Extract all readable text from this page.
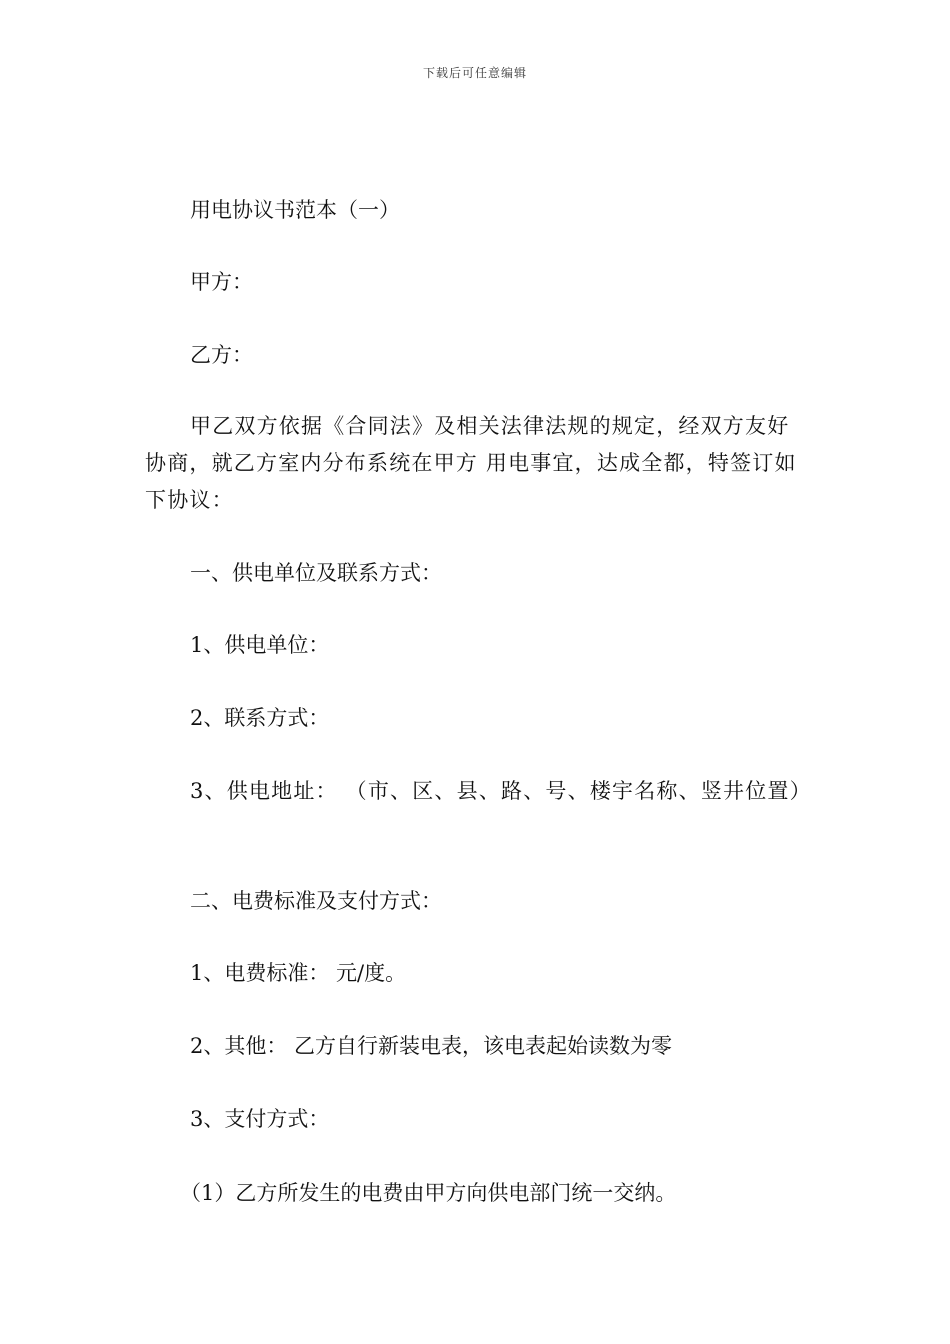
下载后可任意编辑
用电协议书范本（一）
甲方：
乙方：
甲乙双方依据《合同法》及相关法律法规的规定，经双方友好协商，就乙方室内分布系统在甲方 用电事宜，达成全都，特签订如下协议：
一、供电单位及联系方式：
1、供电单位：
2、联系方式：
3、供电地址： （市、区、县、路、号、楼宇名称、竖井位置）
二、电费标准及支付方式：
1、电费标准： 元/度。
2、其他： 乙方自行新装电表，该电表起始读数为零
3、支付方式：
（1）乙方所发生的电费由甲方向供电部门统一交纳。
